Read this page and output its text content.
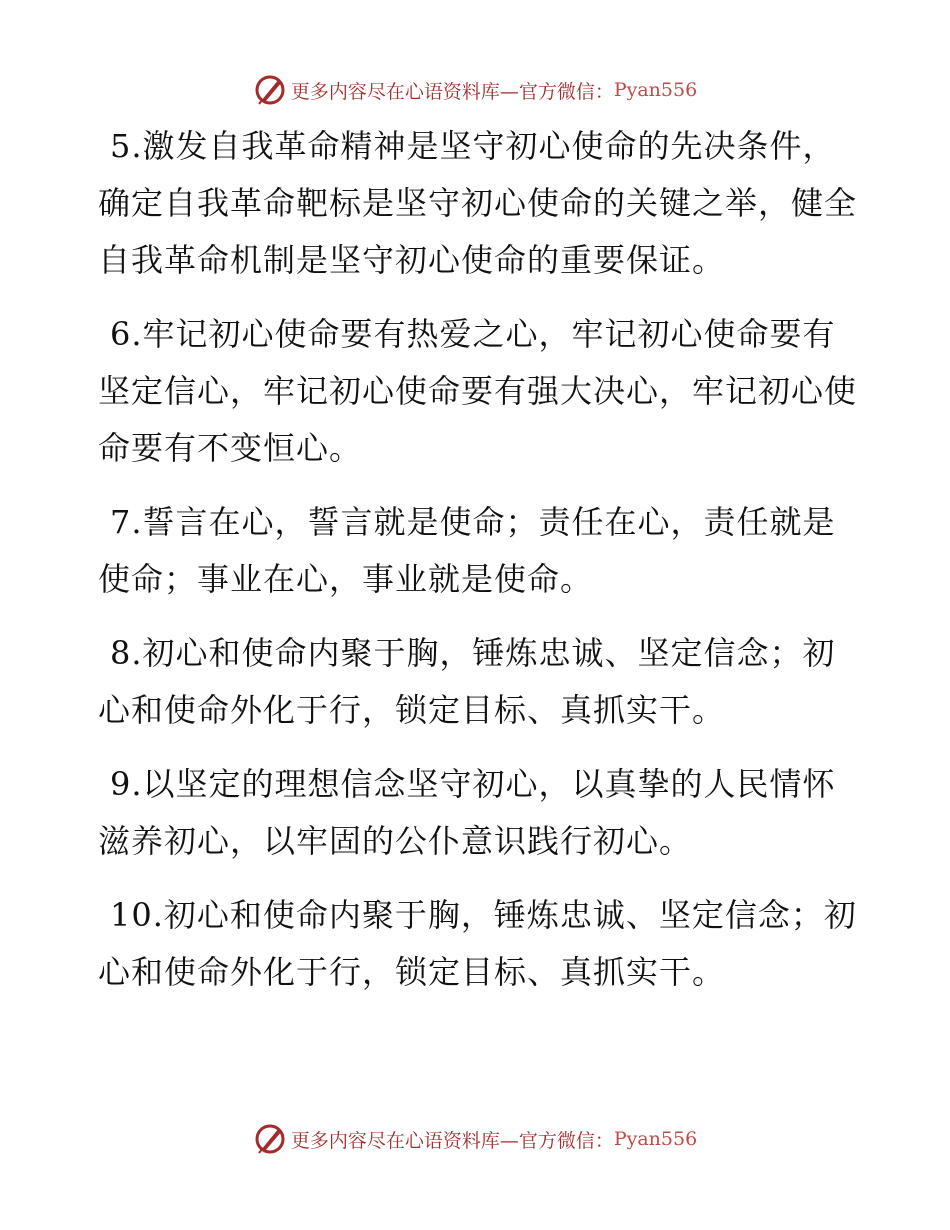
更多内容尽在心语资料库—官方微信： Pyan556

5.激发自我革命精神是坚守初心使命的先决条件，确定自我革命靶标是坚守初心使命的关键之举，健全自我革命机制是坚守初心使命的重要保证。

6.牢记初心使命要有热爱之心，牢记初心使命要有坚定信心，牢记初心使命要有强大决心，牢记初心使命要有不变恒心。

7.誓言在心，誓言就是使命；责任在心，责任就是使命；事业在心，事业就是使命。

8.初心和使命内聚于胸，锤炼忠诚、坚定信念；初心和使命外化于行，锁定目标、真抓实干。

9.以坚定的理想信念坚守初心，以真挚的人民情怀滋养初心，以牢固的公仆意识践行初心。

10.初心和使命内聚于胸，锤炼忠诚、坚定信念；初心和使命外化于行，锁定目标、真抓实干。

更多内容尽在心语资料库—官方微信： Pyan556
